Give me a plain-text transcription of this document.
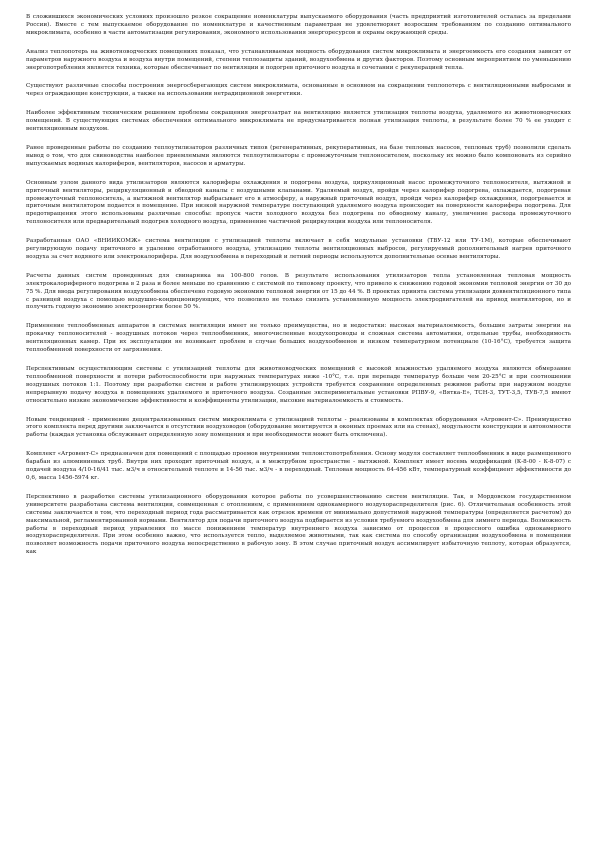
В сложившихся экономических условиях произошло резкое сокращение номенклатуры выпускаемого оборудования (часть предприятий изготовителей осталась за пределами России). Вместе с тем выпускаемое оборудование по номенклатуре и качественным параметрам не удовлетворяет возросшим требованиям по созданию оптимального микроклимата, особенно в части автоматизации регулирования, экономного использования энергоресурсов и охраны окружающей среды.

Анализ теплопотерь на животноводческих помещениях показал, что устанавливаемая мощность оборудования систем микроклимата и энергоемкость его создания зависит от параметров наружного воздуха и воздуха внутри помещений, степени теплозащиты зданий, воздухообмена и других факторов. Поэтому основным мероприятием по уменьшению энергопотребления является техника, которые обеспечивает по вентиляции и подогрев приточного воздуха в сочетании с рекуперацией тепла.

Существуют различные способы построения энергосберегающих систем микроклимата, основанные в основном на сокращении теплопотерь с вентиляционными выбросами и через ограждающие конструкции, а также на использовании нетрадиционной энергетики.

Наиболее эффективным техническим решением проблемы сокращения энергозатрат на вентиляцию является утилизация теплоты воздуха, удаляемого из животноводческих помещений. В существующих системах обеспечения оптимального микроклимата не предусматривается полная утилизация теплоты, в результате более 70 % ее уходит с вентиляционным воздухом.

Ранее проведенные работы по созданию теплоутилизаторов различных типов (регенеративных, рекуперативных, на базе тепловых насосов, тепловых труб) позволили сделать вывод о том, что для свиноводства наиболее приемлемыми являются теплоутилизаторы с промежуточным теплоносителем, поскольку их можно было компоновать из серийно выпускаемых водяных калориферов, вентиляторов, насосов и арматуры.

Основным узлом данного вида утилизаторов являются калориферы охлаждения и подогрева воздуха, циркуляционный насос промежуточного теплоносителя, вытяжной и приточный вентиляторы, рециркуляционный и обводной каналы с воздушными клапанами. Удаляемый воздух, пройдя через калорифер подогрева, охлаждается, подогревая промежуточный теплоноситель, а вытяжной вентилятор выбрасывает его в атмосферу, а наружный приточный воздух, пройдя через калорифер охлаждения, подогревается и приточным вентилятором подается в помещение. При низкой наружной температуре поступающий удаляемого воздуха происходит на поверхности калорифера подогрева. Для предотвращения этого использованы различные способы: пропуск части холодного воздуха без подогрева по обводному каналу, увеличение расхода промежуточного теплоносителя или предварительный подогрев холодного воздуха, применение частичной рециркуляции воздуха или теплоносителя.

Разработанная ОАО «ВНИИКОМЖ» система вентиляции с утилизацией теплоты включает в себя модульные установки (ТВУ-12 или ТУ-1М), которые обеспечивают регулирующую подачу приточного и удаление отработанного воздуха, утилизацию теплоты вентиляционных выбросов, регулируемый дополнительный нагрев приточного воздуха за счет водяного или электрокалорифера. Для воздухообмена в переходный и летний периоды используются дополнительные осевые вентиляторы.

Расчеты данных систем проведенных для свинарника на 100-800 голов. В результате использования утилизаторов тепла установленная тепловая мощность электрокалориферного подогрева в 2 раза и более меньше по сравнению с системой по типовому проекту, что привело к снижению годовой экономии тепловой энергии от 30 до 75 %. Для ввода регулирования воздухообмена обеспечено годовую экономию тепловой энергии от 15 до 44 %. В проектах принята система утилизации доввентиляционного типа с разницей воздуха с помощью воздушно-кондиционирующих, что позволило не только снизить установленную мощность электродвигателей на привод вентиляторов, но и получить годовую экономию электроэнергии более 50 %.

Применение теплообменных аппаратов в системах вентиляции имеет не только преимущества, но и недостатки: высокая материалоемкость, большие затраты энергии на прокачку теплоносителей - воздушных потоков через теплообменник, многочисленные воздухопроводы и сложная система автоматики, отдельные трубы, необходимость вентиляционных камер. При их эксплуатации не возникает проблем в случае больших воздухообменов и низком температурном потенциале (10-16°С), требуется защита теплообменной поверхности от загрязнения.

Перспективным осуществляющим системы с утилизацией теплоты для животноводческих помещений с высокой влажностью удаляемого воздуха являются обмерзание теплообменной поверхности и потери работоспособности при наружных температурах ниже -10°С, т.е. при перепаде температур больше чем 20-25°С и при соотношении воздушных потоков 1:1. Поэтому при разработке систем и работе утилизирующих устройств требуется сохранение определенных режимов работы при наружном воздухе непрерывную подачу воздуха в помещениях удаляемого и приточного воздуха. Созданные экспериментальные установки РПВУ-9, «Вятка-Е», ТСН-3, ТУТ-3,5, ТУВ-7,5 имеют относительно низкие экономические эффективности и коэффициенты утилизации, высокие материалоемкость и стоимость.

Новым тенденцией - применение децентрализованных систем микроклимата с утилизацией теплоты - реализованы в комплектах оборудования «Агровент-С». Преимущество этого комплекта перед другими заключается в отсутствии воздуховодов (оборудование монтируется в оконных проемах или на стенах), модульности конструкции и автономности работы (каждая установка обслуживает определенную зону помещения и при необходимости может быть отключена).

Комплект «Агровент-С» предназначен для помещений с площадью проемов внутренними теплоистопотребления. Основу модуля составляет теплообменник в виде размещенного барабан из алюминиевых труб. Внутри них проходит приточный воздух, а в межтрубном пространстве - вытяжной. Комплект имеет восемь модификаций (К-8-00 - К-8-07) с подачей воздуха 4/10-16/41 тыс. м3/ч в относительной теплоте и 14-56 тыс. м3/ч - в переходный. Тепловая мощность 64-456 кВт, температурный коэффициент эффективности до 0,6, масса 1456-5974 кг.

Перспективно в разработке системы утилизационного оборудования которое работы по усовершенствованию систем вентиляции. Так, в Мордовском государственном университете разработана система вентиляции, совмещенная с отоплением, с применением однокамерного воздухораспределителя (рис. 6). Отличительная особенность этой системы заключается в том, что переходный период года рассматривается как отрезок времени от минимально допустимой наружной температуры (определяется расчетом) до максимальной, регламентированной нормами. Вентилятор для подачи приточного воздуха подбирается из условия требуемого воздухообмена для зимнего периода. Возможность работы в переходный период управления по массе понижением температур внутреннего воздуха зависимо от процессов в процессного ошибка однокамерного воздухораспределителя. При этом особенно важно, что используется тепло, выделяемое животными, так как система по способу организации воздухообмена в помещении позволяет возможность подачи приточного воздуха непосредственно в рабочую зону. В этом случае приточный воздух ассимилирует избыточную теплоту, которая образуется, как
